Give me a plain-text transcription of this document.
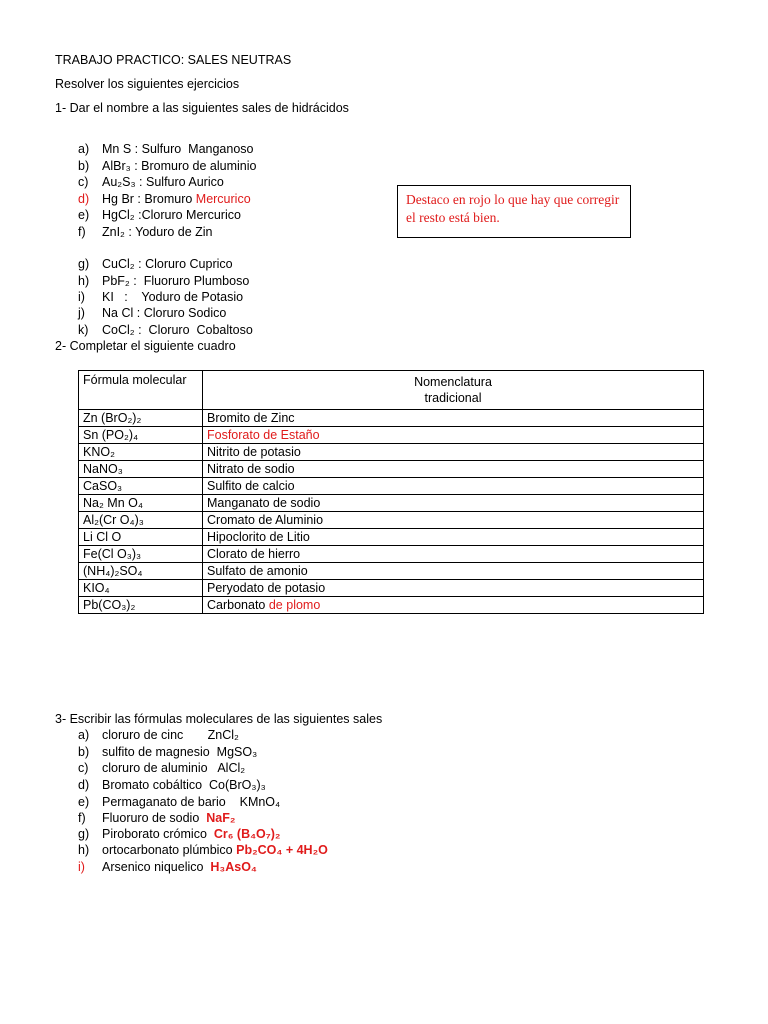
TRABAJO PRACTICO: SALES NEUTRAS
Resolver los siguientes ejercicios
1- Dar el nombre a las siguientes sales de hidrácidos
a) Mn S : Sulfuro  Manganoso
b) AlBr₃ : Bromuro de aluminio
c) Au₂S₃ : Sulfuro Aurico
d) Hg Br : Bromuro Mercurico
e) HgCl₂ :Cloruro Mercurico
f) ZnI₂ : Yoduro de Zin
g) CuCl₂ : Cloruro Cuprico
h) PbF₂ :  Fluoruro Plumboso
i) KI   :    Yoduro de Potasio
j) Na Cl : Cloruro Sodico
k) CoCl₂ :  Cloruro  Cobaltoso
Destaco en rojo lo que hay que corregir el resto está bien.
2- Completar el siguiente cuadro
Fórmula molecular	Nomenclatura
tradicional

Zn (BrO₂)₂	Bromito de Zinc
Sn (PO₂)₄	Fosforato de Estaño
KNO₂	Nitrito de potasio
NaNO₃	Nitrato de sodio
CaSO₃	Sulfito de calcio
Na₂ Mn O₄	Manganato de sodio
Al₂(Cr O₄)₃	Cromato de Aluminio
Li Cl O	Hipoclorito de Litio
Fe(Cl O₃)₃	Clorato de hierro
(NH₄)₂SO₄	Sulfato de amonio
KIO₄	Peryodato de potasio
Pb(CO₃)₂	Carbonato de plomo
3- Escribir las fórmulas moleculares de las siguientes sales
a) cloruro de cinc ZnCl₂
b) sulfito de magnesio MgSO₃
c) cloruro de aluminio AlCl₂
d) Bromato cobáltico Co(BrO₃)₃
e) Permaganato de bario KMnO₄
f) Fluoruro de sodio NaF₂
g) Piroborato crómico Cr₆ (B₄O₇)₂
h) ortocarbonato plúmbico Pb₂CO₄ + 4H₂O
i) Arsenico niquelico H₃AsO₄
